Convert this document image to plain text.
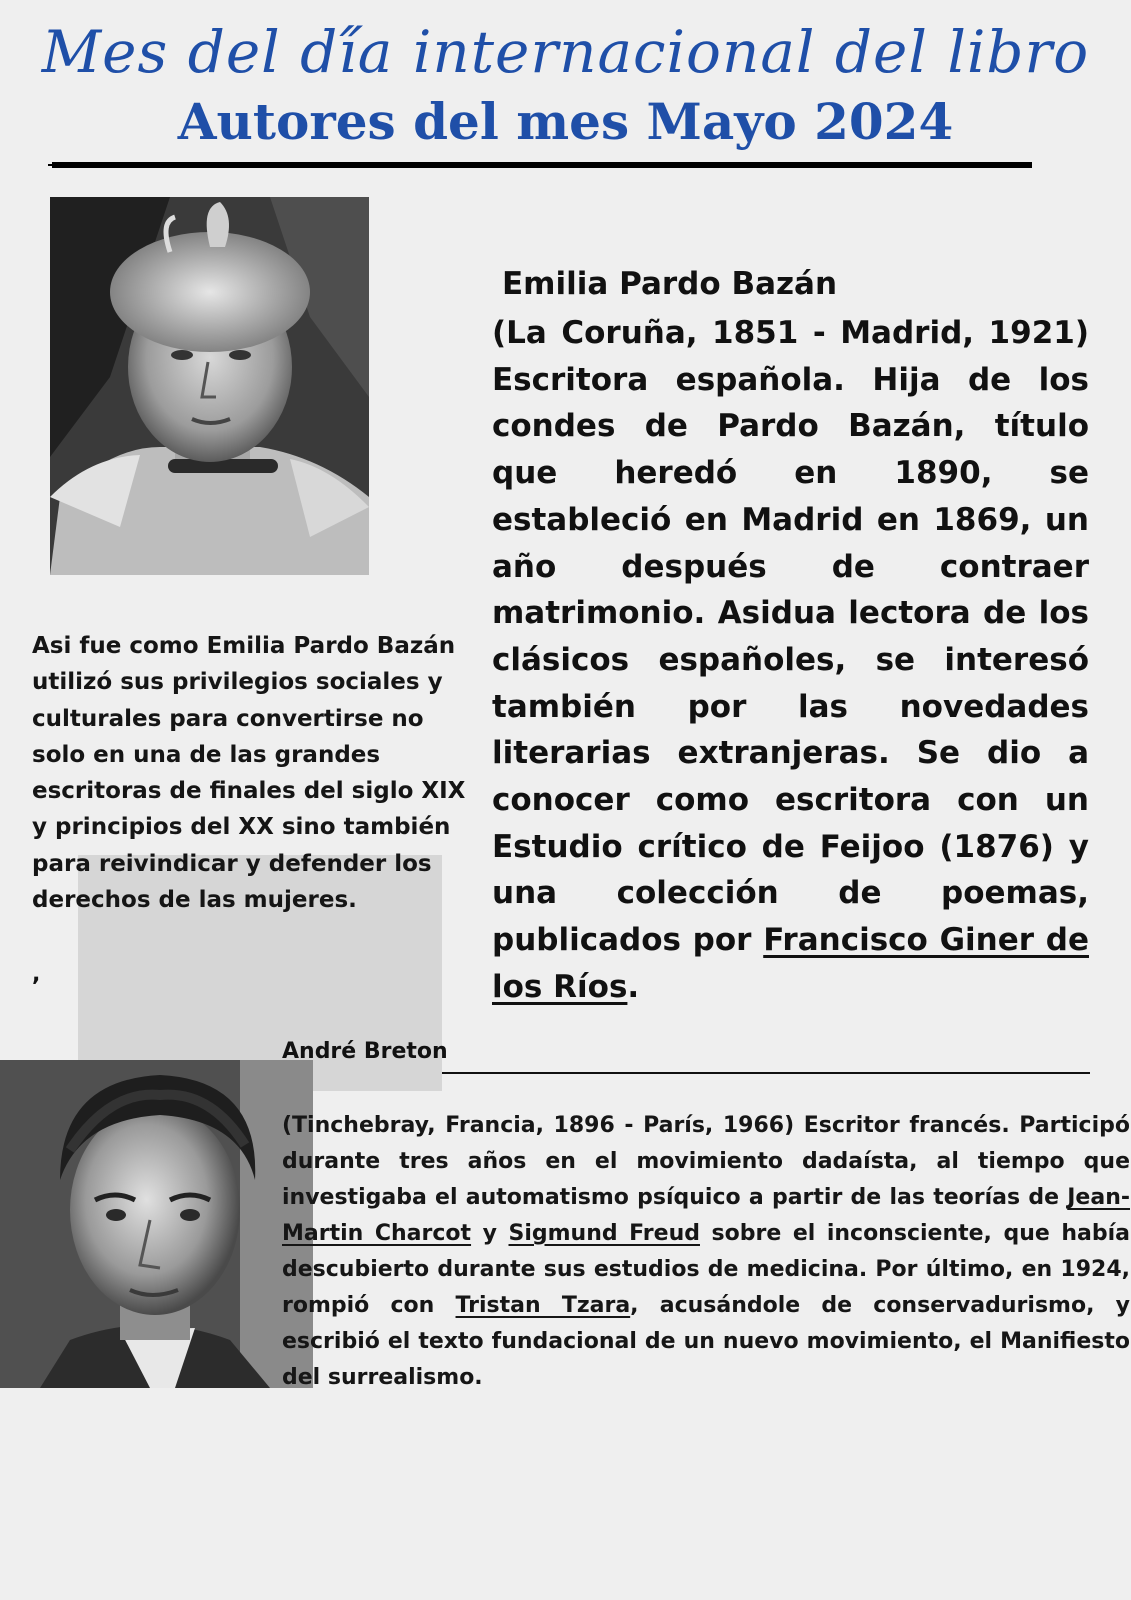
Mes del dí́a internacional del libro
Autores del mes Mayo 2024
Emilia Pardo Bazán
(La Coruña, 1851 - Madrid, 1921) Escritora española. Hija de los condes de Pardo Bazán, título que heredó en 1890, se estableció en Madrid en 1869, un año después de contraer matrimonio. Asidua lectora de los clásicos españoles, se interesó también por las novedades literarias extranjeras. Se dio a conocer como escritora con un Estudio crítico de Feijoo (1876) y una colección de poemas, publicados por Francisco Giner de los Ríos.
Asi fue como Emilia Pardo Bazán utilizó sus privilegios sociales y culturales para convertirse no solo en una de las grandes escritoras de finales del siglo XIX y principios del XX sino también para reivindicar y defender los derechos de las mujeres.
,
André Breton
(Tinchebray, Francia, 1896 - París, 1966) Escritor francés. Participó durante tres años en el movimiento dadaísta, al tiempo que investigaba el automatismo psíquico a partir de las teorías de Jean-Martin Charcot y Sigmund Freud sobre el inconsciente, que había descubierto durante sus estudios de medicina. Por último, en 1924, rompió con Tristan Tzara, acusándole de conservadurismo, y escribió el texto fundacional de un nuevo movimiento, el Manifiesto del surrealismo.
